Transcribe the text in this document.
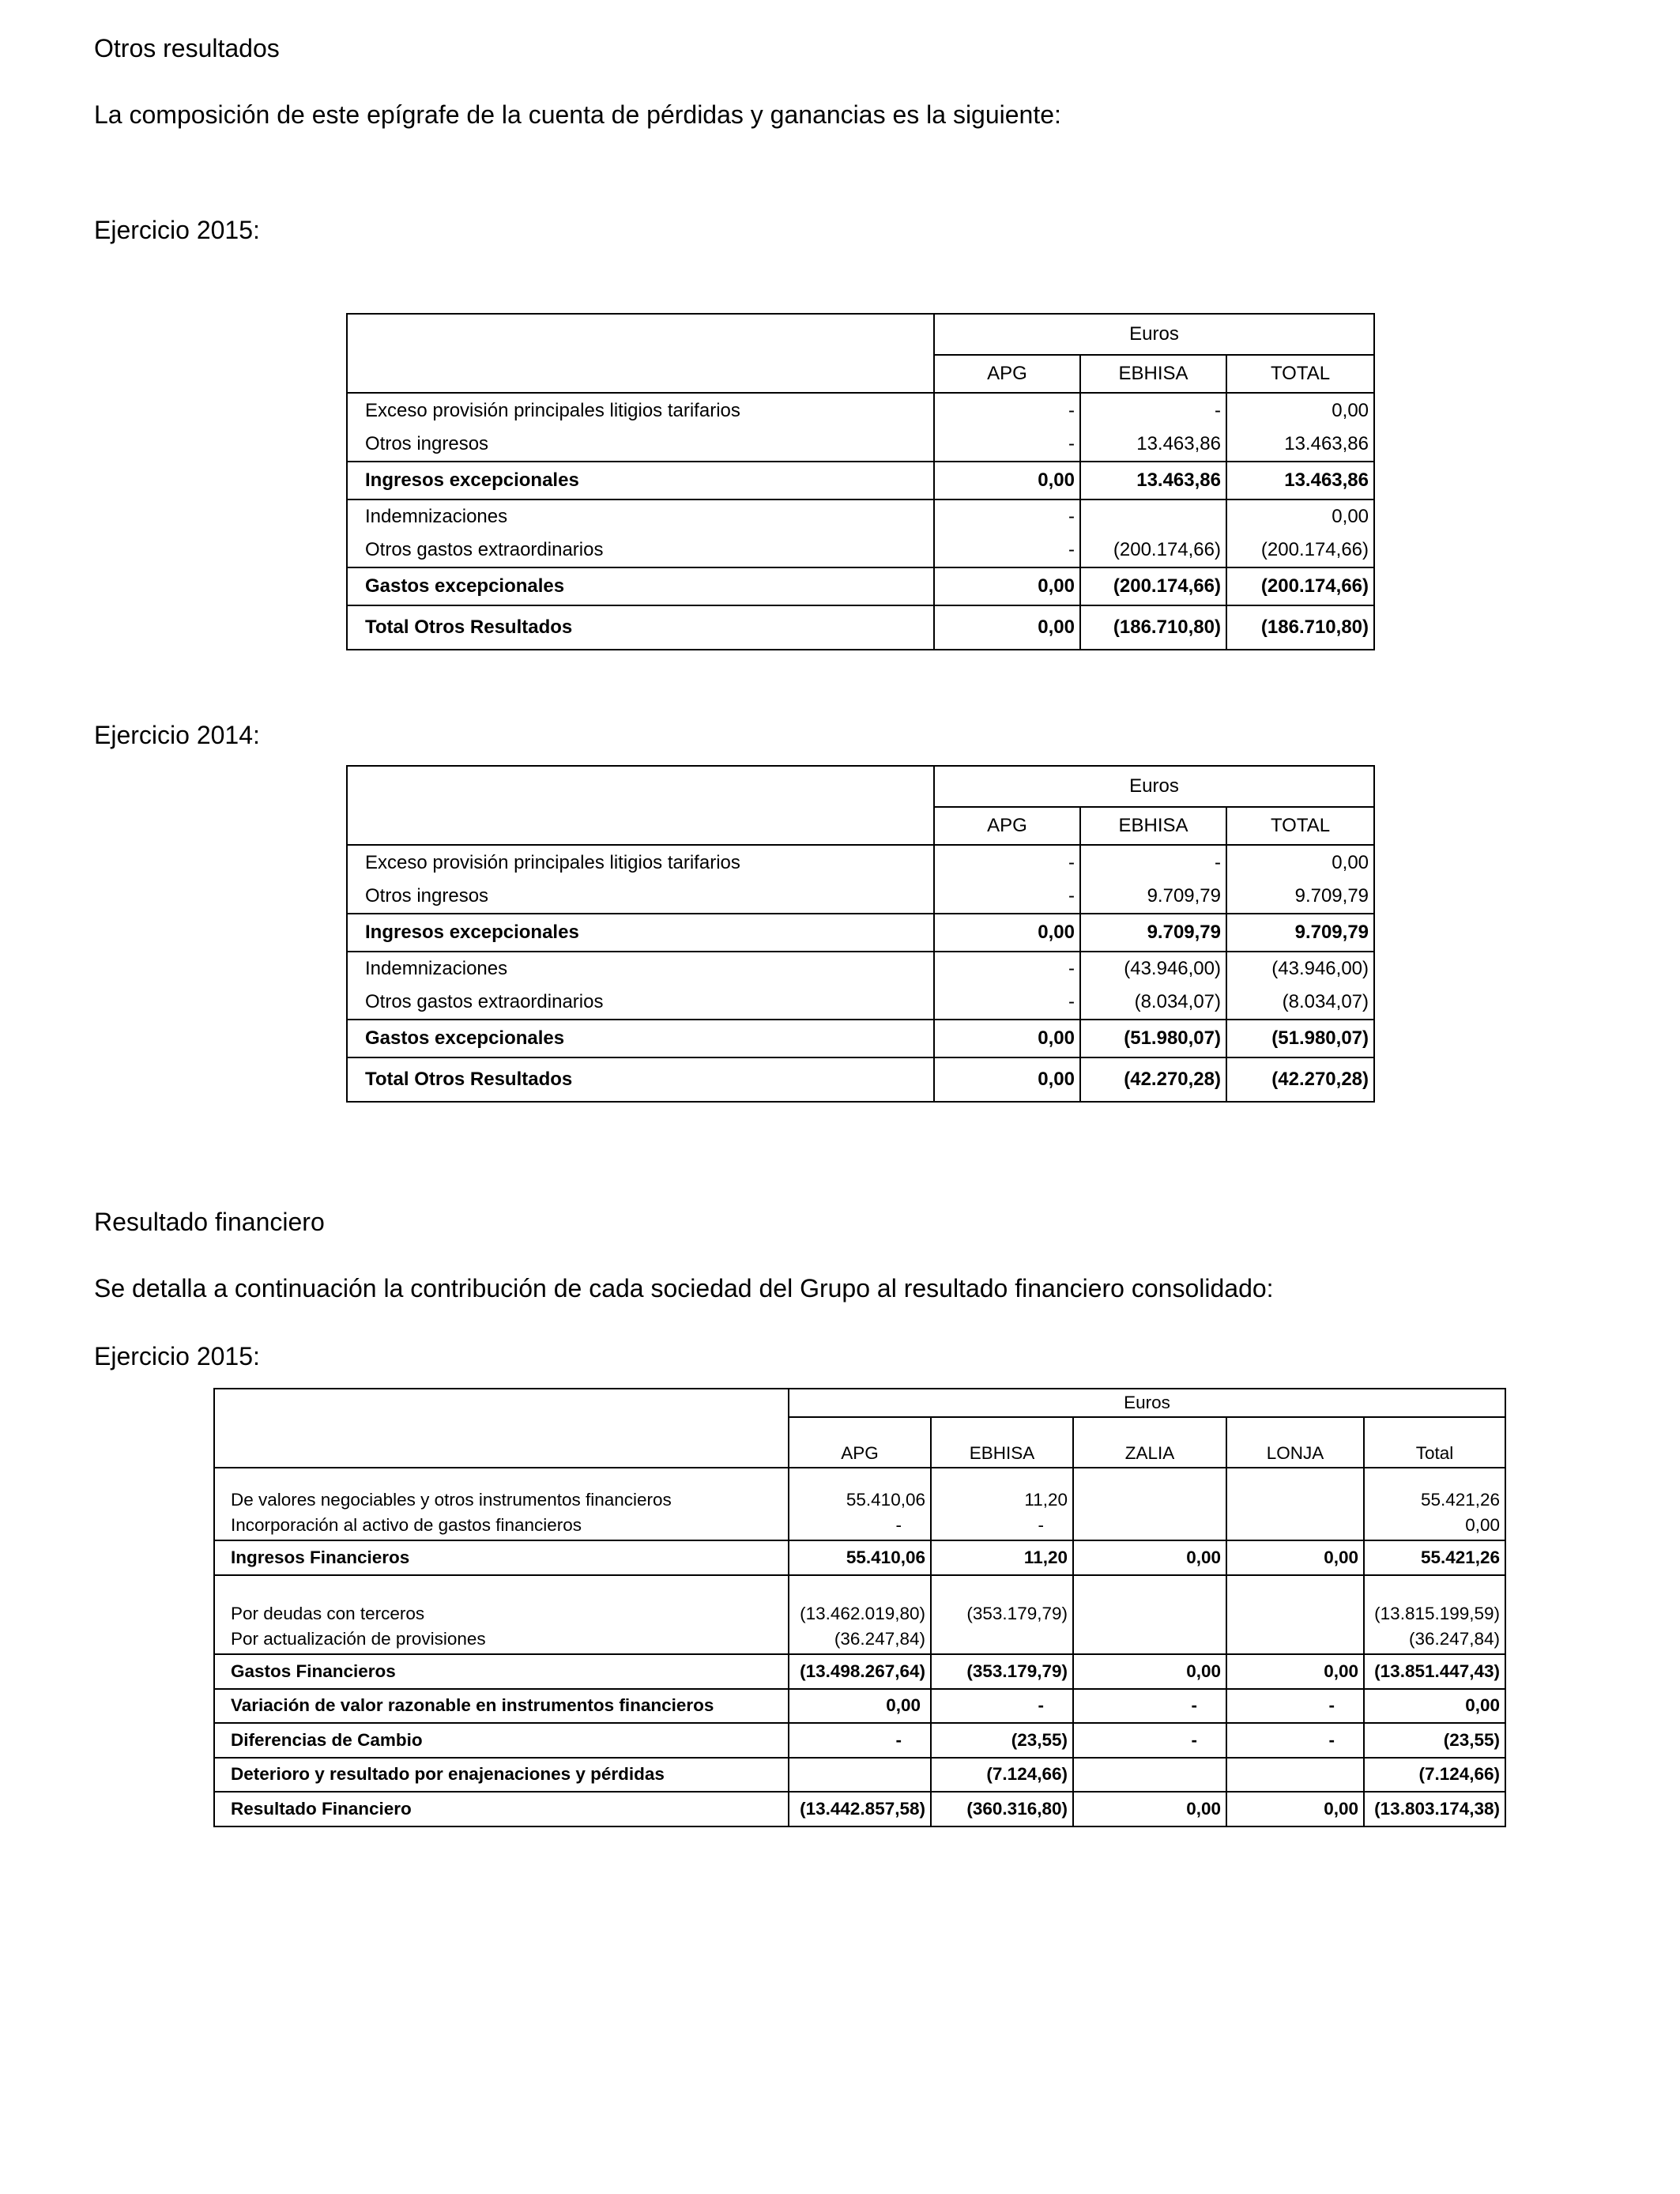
Otros resultados
La composición de este epígrafe de la cuenta de pérdidas y ganancias es la siguiente:
Ejercicio 2015:
	Euros		
	APG	EBHISA	TOTAL
Exceso provisión principales litigios tarifarios	-	-	0,00
Otros ingresos	-	13.463,86	13.463,86
Ingresos excepcionales	0,00	13.463,86	13.463,86
Indemnizaciones	-		0,00
Otros gastos extraordinarios	-	(200.174,66)	(200.174,66)
Gastos excepcionales	0,00	(200.174,66)	(200.174,66)
Total Otros Resultados	0,00	(186.710,80)	(186.710,80)
Ejercicio 2014:
	Euros		
	APG	EBHISA	TOTAL
Exceso provisión principales litigios tarifarios	-	-	0,00
Otros ingresos	-	9.709,79	9.709,79
Ingresos excepcionales	0,00	9.709,79	9.709,79
Indemnizaciones	-	(43.946,00)	(43.946,00)
Otros gastos extraordinarios	-	(8.034,07)	(8.034,07)
Gastos excepcionales	0,00	(51.980,07)	(51.980,07)
Total Otros Resultados	0,00	(42.270,28)	(42.270,28)
Resultado financiero
Se detalla a continuación la contribución de cada sociedad del Grupo al resultado financiero consolidado:
Ejercicio 2015:
	Euros				
	APG	EBHISA	ZALIA	LONJA	Total
De valores negociables y otros instrumentos financieros	55.410,06	11,20			55.421,26
Incorporación al activo de gastos financieros	-	-			0,00
Ingresos Financieros	55.410,06	11,20	0,00	0,00	55.421,26
Por deudas con terceros	(13.462.019,80)	(353.179,79)			(13.815.199,59)
Por actualización de provisiones	(36.247,84)				(36.247,84)
Gastos Financieros	(13.498.267,64)	(353.179,79)	0,00	0,00	(13.851.447,43)
Variación de valor razonable en instrumentos financieros	0,00	-	-	-	0,00
Diferencias de Cambio	-	(23,55)	-	-	(23,55)
Deterioro y resultado por enajenaciones y pérdidas		(7.124,66)			(7.124,66)
Resultado Financiero	(13.442.857,58)	(360.316,80)	0,00	0,00	(13.803.174,38)
